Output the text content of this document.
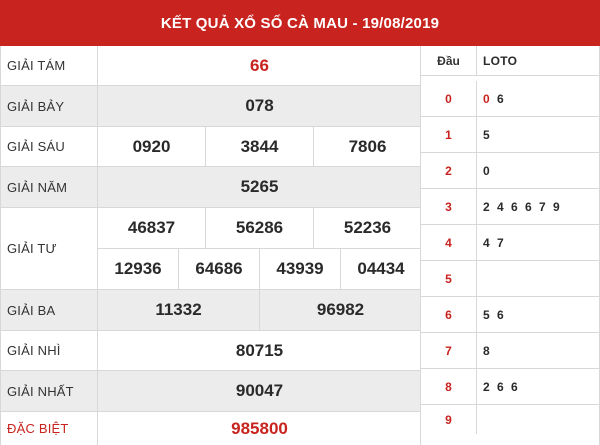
KẾT QUẢ XỔ SỐ CÀ MAU - 19/08/2019
GIẢI TÁM	66
GIẢI BẢY	078
GIẢI SÁU	0920	3844	7806
GIẢI NĂM	5265
GIẢI TƯ
46837	56286	52236
12936	64686	43939	04434
GIẢI BA	11332	96982
GIẢI NHÌ	80715
GIẢI NHẤT	90047
ĐẶC BIỆT	985800
Đầu	LOTO
0	0 6
1	5
2	0
3	2 4 6 6 7 9
4	4 7
5
6	5 6
7	8
8	2 6 6
9
